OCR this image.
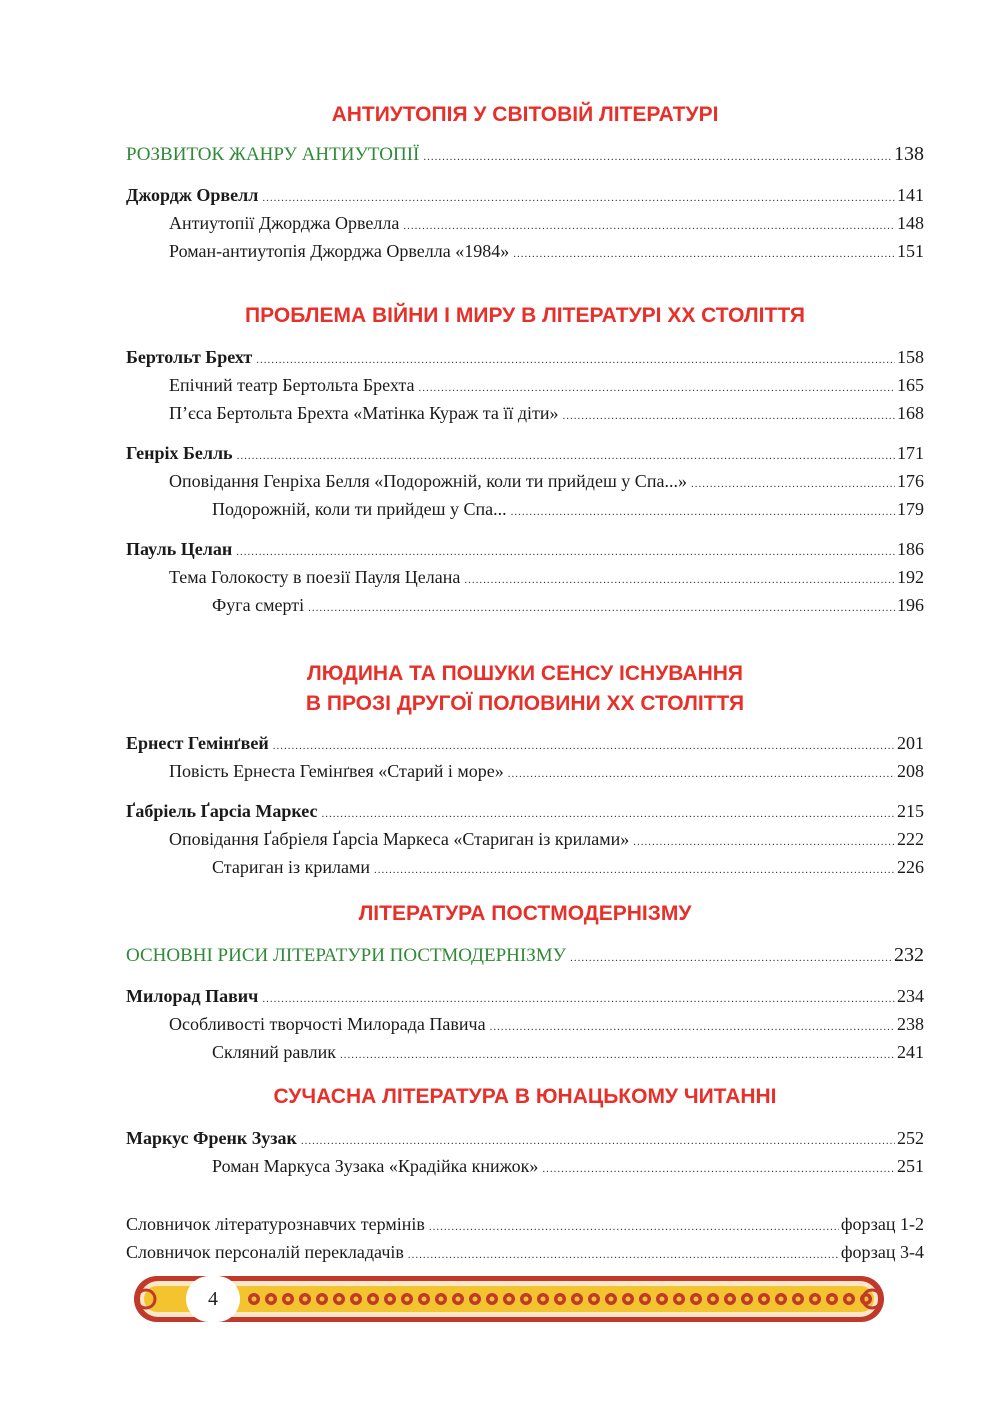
АНТИУТОПІЯ У СВІТОВІЙ ЛІТЕРАТУРІ
РОЗВИТОК ЖАНРУ АНТИУТОПІЇ .....	138
Джордж Орвелл .....	141
Антиутопії Джорджа Орвелла .....	148
Роман-антиутопія Джорджа Орвелла «1984» .....	151
ПРОБЛЕМА ВІЙНИ І МИРУ В ЛІТЕРАТУРІ ХХ СТОЛІТТЯ
Бертольт Брехт .....	158
Епічний театр Бертольта Брехта .....	165
П’єса Бертольта Брехта «Матінка Кураж та її діти» .....	168
Генріх Белль .....	171
Оповідання Генріха Белля «Подорожній, коли ти прийдеш у Спа...» .....	176
Подорожній, коли ти прийдеш у Спа... .....	179
Пауль Целан .....	186
Тема Голокосту в поезії Пауля Целана .....	192
Фуга смерті .....	196
ЛЮДИНА ТА ПОШУКИ СЕНСУ ІСНУВАННЯ
В ПРОЗІ ДРУГОЇ ПОЛОВИНИ ХХ СТОЛІТТЯ
Ернест Гемінґвей .....	201
Повість Ернеста Гемінґвея «Старий і море» .....	208
Ґабріель Ґарсіа Маркес .....	215
Оповідання Ґабріеля Ґарсіа Маркеса «Стариган із крилами» .....	222
Стариган із крилами .....	226
ЛІТЕРАТУРА ПОСТМОДЕРНІЗМУ
ОСНОВНІ РИСИ ЛІТЕРАТУРИ ПОСТМОДЕРНІЗМУ .....	232
Милорад Павич .....	234
Особливості творчості Милорада Павича .....	238
Скляний равлик .....	241
СУЧАСНА ЛІТЕРАТУРА В ЮНАЦЬКОМУ ЧИТАННІ
Маркус Френк Зузак .....	252
Роман Маркуса Зузака «Крадійка книжок» .....	251
Словничок літературознавчих термінів .....	форзац 1-2
Словничок персоналій перекладачів .....	форзац 3-4
4
